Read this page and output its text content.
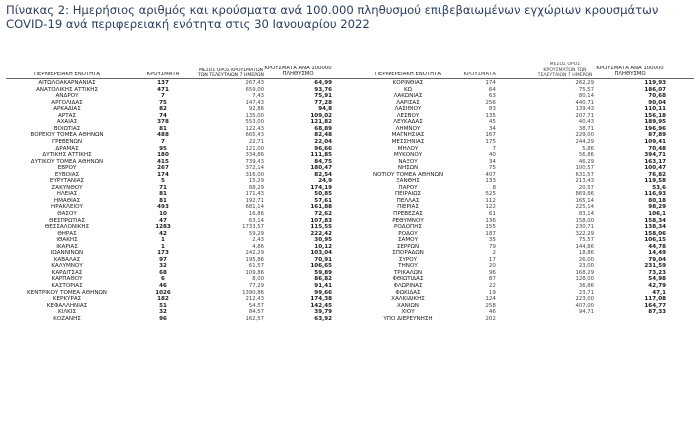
Πίνακας 2: Ημερήσιος αριθμός και κρούσματα ανά 100.000 πληθυσμού επιβεβαιωμένων εγχώριων κρουσμάτων COVID-19 ανά περιφερειακή ενότητα στις 30 Ιανουαρίου 2022
ΠΕΡΙΦΕΡΕΙΑΚΗ ΕΝΟΤΗΤΑ	ΚΡΟΥΣΜΑΤΑ
ΜΕΣΟΣ ΟΡΟΣ ΚΡΟΥΣΜΑΤΩΝ ΤΩΝ ΤΕΛΕΥΤΑΙΩΝ 7 ΗΜΕΡΩΝ
ΚΡΟΥΣΜΑΤΑ ΑΝΑ 100000 ΠΛΗΘΥΣΜΟ
ΑΙΤΩΛΟΑΚΑΡΝΑΝΙΑΣ	137	267,43	64,99
ΑΝΑΤΟΛΙΚΗΣ ΑΤΤΙΚΗΣ	471	659,00	93,76
ΑΝΔΡΟΥ	7	7,43	75,91
ΑΡΓΟΛΙΔΑΣ	75	147,43	77,28
ΑΡΚΑΔΙΑΣ	82	92,86	94,8
ΑΡΤΑΣ	74	135,00	109,02
ΑΧΑΪΑΣ	378	553,00	121,82
ΒΟΙΩΤΙΑΣ	81	122,43	68,89
ΒΟΡΕΙΟΥ ΤΟΜΕΑ ΑΘΗΝΩΝ	488	665,43	82,48
ΓΡΕΒΕΝΩΝ	7	22,71	22,04
ΔΡΑΜΑΣ	95	121,00	96,66
ΔΥΤΙΚΗΣ ΑΤΤΙΚΗΣ	180	334,86	111,85
ΔΥΤΙΚΟΥ ΤΟΜΕΑ ΑΘΗΝΩΝ	415	739,43	84,75
ΕΒΡΟΥ	267	372,14	180,47
ΕΥΒΟΙΑΣ	174	316,00	82,54
ΕΥΡΥΤΑΝΙΑΣ	5	15,29	24,9
ΖΑΚΥΝΘΟΥ	71	88,29	174,19
ΗΛΕΙΑΣ	81	171,43	50,85
ΗΜΑΘΙΑΣ	81	192,71	57,61
ΗΡΑΚΛΕΙΟΥ	493	681,14	161,88
ΘΑΣΟΥ	10	16,86	72,62
ΘΕΣΠΡΩΤΙΑΣ	47	63,14	107,83
ΘΕΣΣΑΛΟΝΙΚΗΣ	1283	1733,57	115,55
ΘΗΡΑΣ	42	59,29	222,42
ΙΘΑΚΗΣ	1	2,43	30,95
ΙΚΑΡΙΑΣ	1	4,86	10,12
ΙΩΑΝΝΙΝΩΝ	173	242,29	103,04
ΚΑΒΑΛΑΣ	97	195,86	70,91
ΚΑΛΥΜΝΟΥ	32	61,57	106,65
ΚΑΡΔΙΤΣΑΣ	68	109,86	59,89
ΚΑΡΠΑΘΟΥ	6	8,00	86,82
ΚΑΣΤΟΡΙΑΣ	46	77,29	91,41
ΚΕΝΤΡΙΚΟΥ ΤΟΜΕΑ ΑΘΗΝΩΝ	1026	1390,86	99,66
ΚΕΡΚΥΡΑΣ	182	212,43	174,38
ΚΕΦΑΛΛΗΝΙΑΣ	51	54,57	142,45
ΚΙΛΚΙΣ	32	84,57	39,79
ΚΟΖΑΝΗΣ	96	162,57	63,92
ΠΕΡΙΦΕΡΕΙΑΚΗ ΕΝΟΤΗΤΑ	ΚΡΟΥΣΜΑΤΑ
ΜΕΣΟΣ ΟΡΟΣ ΚΡΟΥΣΜΑΤΩΝ ΤΩΝ ΤΕΛΕΥΤΑΙΩΝ 7 ΗΜΕΡΩΝ
ΚΡΟΥΣΜΑΤΑ ΑΝΑ 100000 ΠΛΗΘΥΣΜΟ
ΚΟΡΙΝΘΙΑΣ	174	262,29	119,93
ΚΩ	64	75,57	186,07
ΛΑΚΩΝΙΑΣ	63	80,14	70,68
ΛΑΡΙΣΑΣ	256	440,71	90,04
ΛΑΣΙΘΙΟΥ	83	139,43	110,11
ΛΕΣΒΟΥ	135	207,71	156,18
ΛΕΥΚΑΔΑΣ	45	40,43	189,95
ΛΗΜΝΟΥ	34	38,71	196,96
ΜΑΓΝΗΣΙΑΣ	167	229,00	87,89
ΜΕΣΣΗΝΙΑΣ	175	244,29	109,41
ΜΗΛΟΥ	7	5,86	70,48
ΜΥΚΟΝΟΥ	40	56,86	394,71
ΝΑΞΟΥ	34	46,29	163,17
ΝΗΣΩΝ	75	100,57	100,47
ΝΟΤΙΟΥ ΤΟΜΕΑ ΑΘΗΝΩΝ	407	631,57	76,82
ΞΑΝΘΗΣ	133	213,43	119,58
ΠΑΡΟΥ	8	20,57	53,6
ΠΕΙΡΑΙΩΣ	525	869,86	116,93
ΠΕΛΛΑΣ	112	165,14	80,18
ΠΙΕΡΙΑΣ	122	225,14	98,29
ΠΡΕΒΕΖΑΣ	61	83,14	106,1
ΡΕΘΥΜΝΟΥ	136	158,00	158,34
ΡΟΔΟΠΗΣ	155	230,71	138,34
ΡΟΔΟΥ	187	322,29	158,06
ΣΑΜΟΥ	35	75,57	106,15
ΣΕΡΡΩΝ	79	144,86	44,78
ΣΠΟΡΑΔΩΝ	2	18,86	14,49
ΣΥΡΟΥ	17	26,00	79,04
ΤΗΝΟΥ	20	23,00	231,59
ΤΡΙΚΑΛΩΝ	96	168,29	73,23
ΦΘΙΩΤΙΔΑΣ	87	128,00	54,98
ΦΛΩΡΙΝΑΣ	22	36,86	42,79
ΦΩΚΙΔΑΣ	19	23,71	47,1
ΧΑΛΚΙΔΙΚΗΣ	124	223,00	117,08
ΧΑΝΙΩΝ	258	407,00	164,77
ΧΙΟΥ	46	94,71	87,33
ΥΠΟ ΔΙΕΡΕΥΝΗΣΗ	202
